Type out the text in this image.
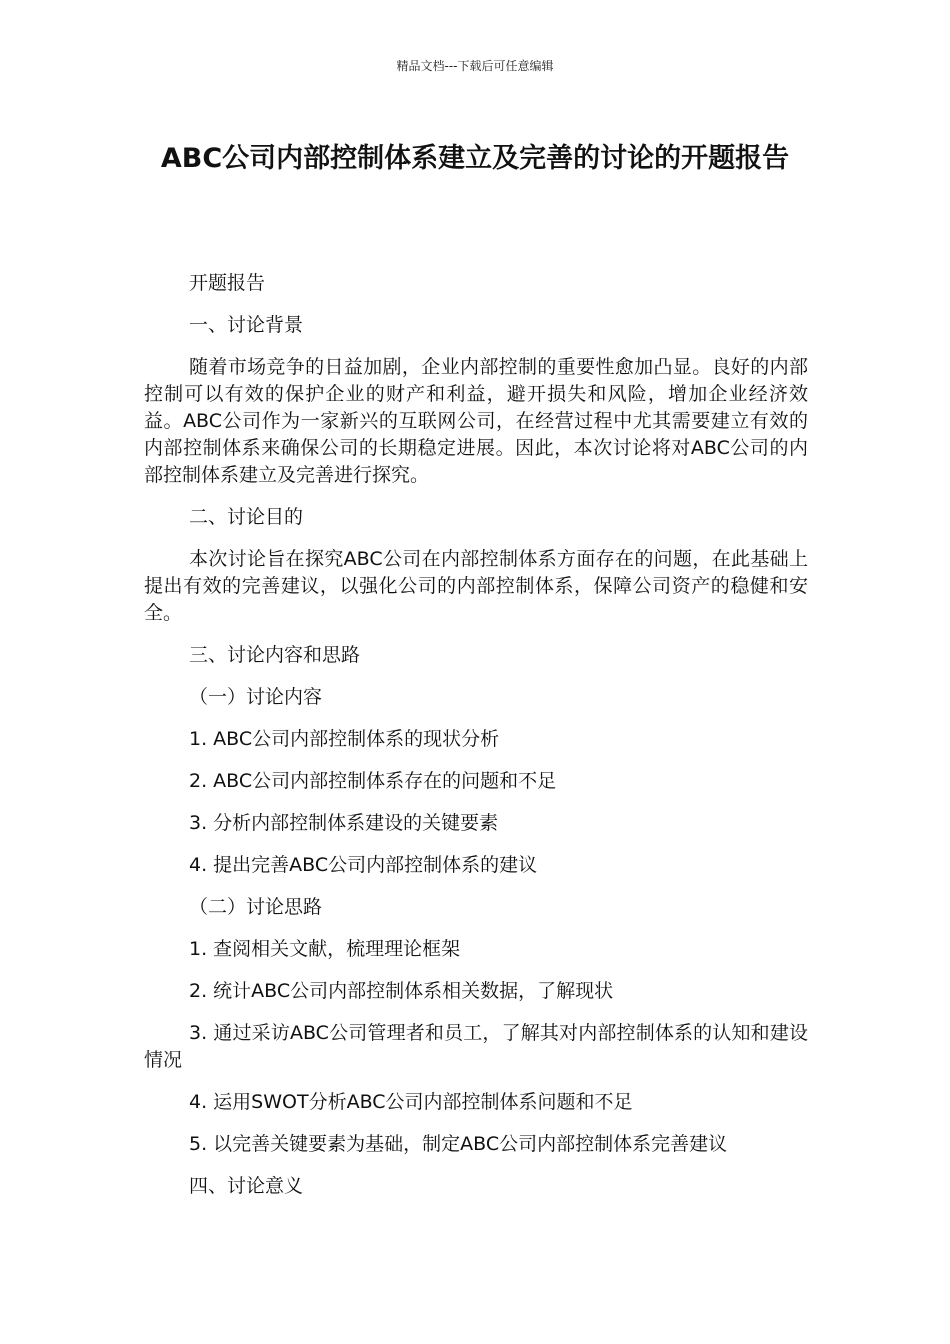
精品文档---下载后可任意编辑
ABC公司内部控制体系建立及完善的讨论的开题报告

开题报告

一、讨论背景

随着市场竞争的日益加剧，企业内部控制的重要性愈加凸显。良好的内部控制可以有效的保护企业的财产和利益，避开损失和风险，增加企业经济效益。ABC公司作为一家新兴的互联网公司，在经营过程中尤其需要建立有效的内部控制体系来确保公司的长期稳定进展。因此，本次讨论将对ABC公司的内部控制体系建立及完善进行探究。

二、讨论目的

本次讨论旨在探究ABC公司在内部控制体系方面存在的问题，在此基础上提出有效的完善建议，以强化公司的内部控制体系，保障公司资产的稳健和安全。

三、讨论内容和思路

（一）讨论内容

1. ABC公司内部控制体系的现状分析

2. ABC公司内部控制体系存在的问题和不足

3. 分析内部控制体系建设的关键要素

4. 提出完善ABC公司内部控制体系的建议

（二）讨论思路

1. 查阅相关文献，梳理理论框架

2. 统计ABC公司内部控制体系相关数据，了解现状

3. 通过采访ABC公司管理者和员工，了解其对内部控制体系的认知和建设情况

4. 运用SWOT分析ABC公司内部控制体系问题和不足

5. 以完善关键要素为基础，制定ABC公司内部控制体系完善建议

四、讨论意义
